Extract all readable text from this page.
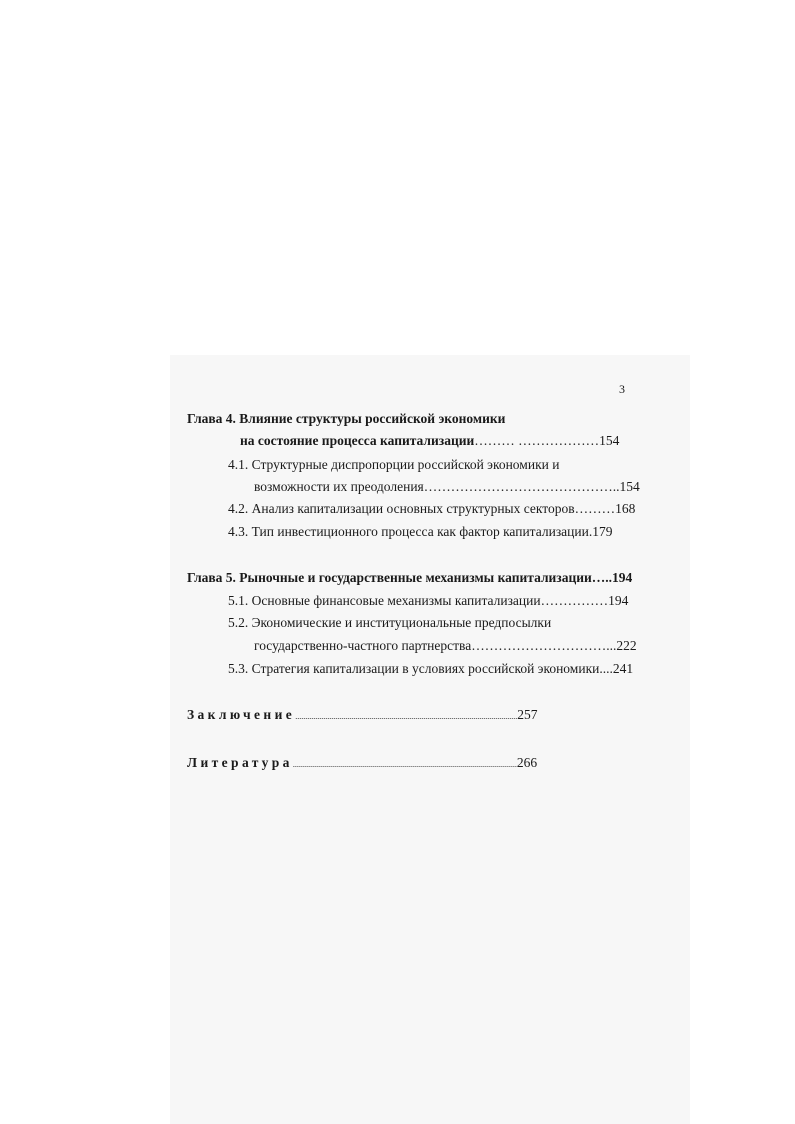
3
Глава 4. Влияние структуры российской экономики
на состояние процесса капитализации……… ………………154
4.1. Структурные диспропорции российской экономики и
возможности их преодоления……………………………………..154
4.2. Анализ капитализации основных структурных секторов………168
4.3. Тип инвестиционного процесса как фактор капитализации.179
Глава 5. Рыночные и государственные механизмы капитализации…..194
5.1. Основные финансовые механизмы капитализации……………194
5.2. Экономические и институциональные предпосылки
государственно-частного партнерства…………………………...222
5.3. Стратегия капитализации в условиях российской экономики....241
Заключение...............................................................................................................257
Литература................................................................................................................266
